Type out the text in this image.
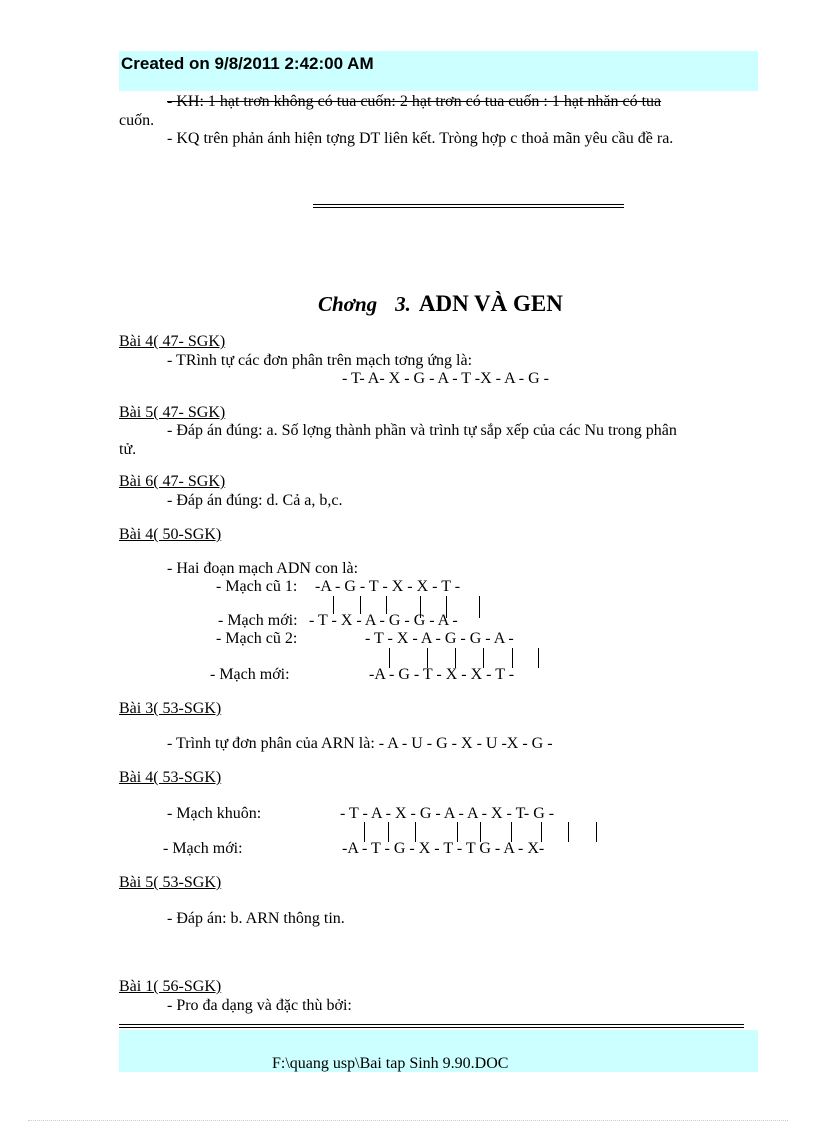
Created on 9/8/2011 2:42:00 AM
- KH: 1 hạt trơn không có tua cuốn: 2 hạt trơn có tua cuốn : 1 hạt nhăn có tua
cuốn.
- KQ trên phản ánh hiện tợng DT liên kết. Tròng hợp c thoả mãn yêu cầu đề ra.
Chơng 3. ADN VÀ GEN
Bài 4( 47- SGK)
- TRình tự các đơn phân trên mạch tơng ứng là:
- T- A- X - G - A - T -X - A - G -
Bài 5( 47- SGK)
- Đáp án đúng: a. Số lợng thành phần và trình tự sắp xếp của các Nu trong phân
tử.
Bài 6( 47- SGK)
- Đáp án đúng: d. Cả a, b,c.
Bài 4( 50-SGK)
- Hai đoạn mạch ADN con là:
- Mạch cũ 1: -A - G - T - X - X - T -
- Mạch mới: - T - X - A - G - G - A -
- Mạch cũ 2:	- T - X - A - G - G - A -
- Mạch mới:	-A - G - T - X - X - T -
Bài 3( 53-SGK)
- Trình tự đơn phân của ARN là: - A - U - G - X - U -X - G -
Bài 4( 53-SGK)
- Mạch khuôn:	- T - A - X - G - A - A - X - T- G -
- Mạch mới:	-A - T - G - X - T - T G - A - X-
Bài 5( 53-SGK)
- Đáp án: b. ARN thông tin.
Bài 1( 56-SGK)
- Pro đa dạng và đặc thù bởi:
F:\quang usp\Bai tap Sinh 9.90.DOC
